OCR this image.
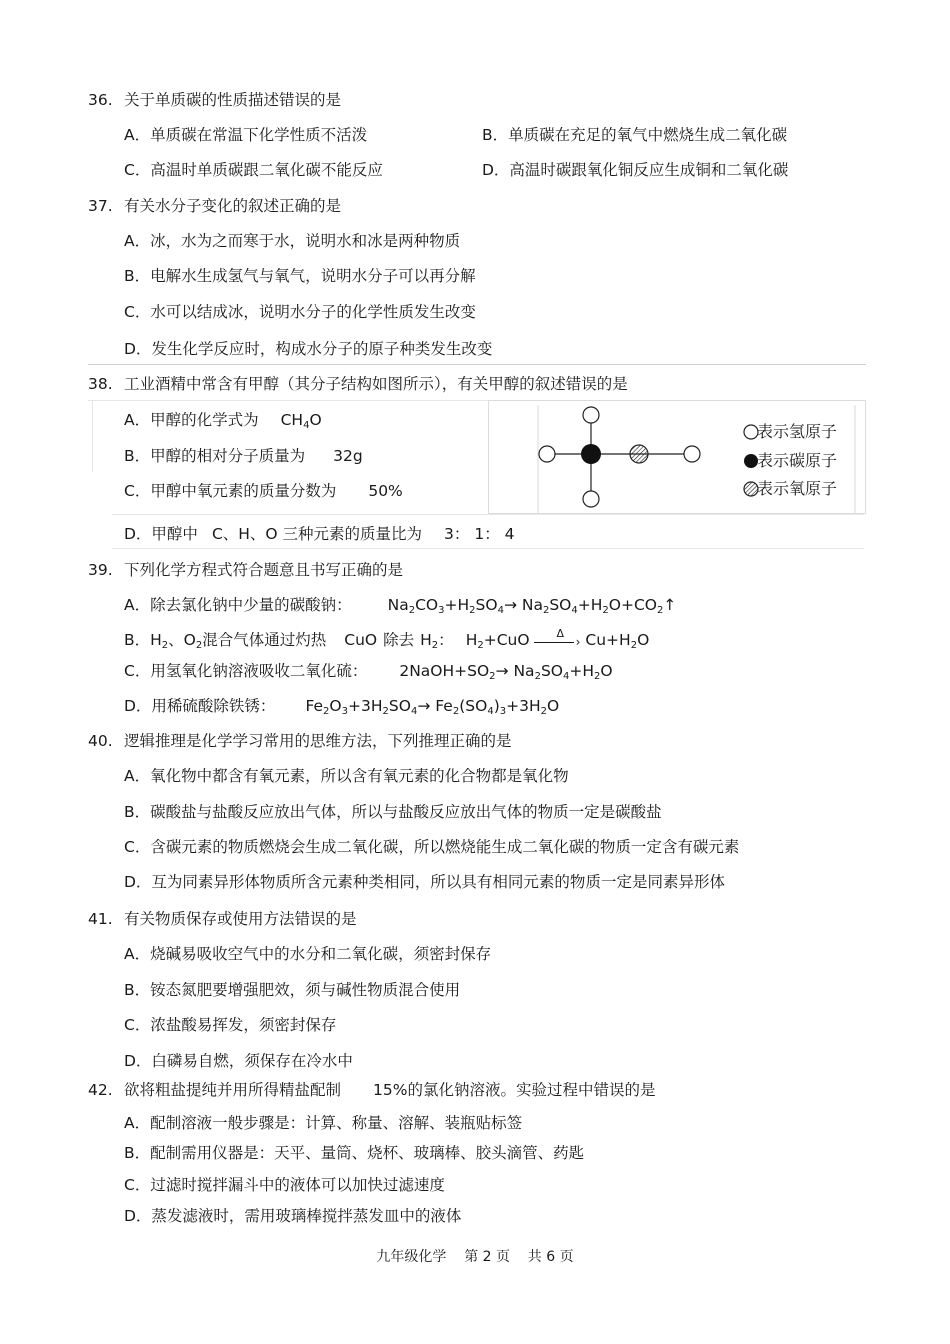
36. 关于单质碳的性质描述错误的是
A．单质碳在常温下化学性质不活泼	B．单质碳在充足的氧气中燃烧生成二氧化碳
C．高温时单质碳跟二氧化碳不能反应	D．高温时碳跟氧化铜反应生成铜和二氧化碳
37. 有关水分子变化的叙述正确的是
A．冰，水为之而寒于水，说明水和冰是两种物质
B．电解水生成氢气与氧气，说明水分子可以再分解
C．水可以结成冰，说明水分子的化学性质发生改变
D．发生化学反应时，构成水分子的原子种类发生改变
38. 工业酒精中常含有甲醇（其分子结构如图所示），有关甲醇的叙述错误的是
A．甲醇的化学式为 $CH_4O$
B．甲醇的相对分子质量为 32g
C．甲醇中氧元素的质量分数为 50%
D．甲醇中 C、H、O 三种元素的质量比为 3： 1： 4
表示氢原子
表示碳原子
表示氧原子
39. 下列化学方程式符合题意且书写正确的是
A．除去氯化钠中少量的碳酸钠： $Na_2CO_3+H_2SO_4\to$ $Na_2SO_4+H_2O+CO_2↑$
B．$H_2$、$O_2$混合气体通过灼热 CuO 除去 $H_2$： $H_2+CuO$ Δ
› $Cu+H_2O$
C．用氢氧化钠溶液吸收二氧化硫： $2NaOH+SO_2\to Na_2SO_4+H_2O$
D．用稀硫酸除铁锈： $Fe_2O_3+3H_2SO_4\to Fe_2(SO_4)_3+3H_2O$
40. 逻辑推理是化学学习常用的思维方法，下列推理正确的是
A．氧化物中都含有氧元素，所以含有氧元素的化合物都是氧化物
B．碳酸盐与盐酸反应放出气体，所以与盐酸反应放出气体的物质一定是碳酸盐
C．含碳元素的物质燃烧会生成二氧化碳，所以燃烧能生成二氧化碳的物质一定含有碳元素
D．互为同素异形体物质所含元素种类相同，所以具有相同元素的物质一定是同素异形体
41. 有关物质保存或使用方法错误的是
A．烧碱易吸收空气中的水分和二氧化碳，须密封保存
B．铵态氮肥要增强肥效，须与碱性物质混合使用
C．浓盐酸易挥发，须密封保存
D．白磷易自燃，须保存在冷水中
42. 欲将粗盐提纯并用所得精盐配制 15%的氯化钠溶液。实验过程中错误的是
A．配制溶液一般步骤是：计算、称量、溶解、装瓶贴标签
B．配制需用仪器是：天平、量筒、烧杯、玻璃棒、胶头滴管、药匙
C．过滤时搅拌漏斗中的液体可以加快过滤速度
D．蒸发滤液时，需用玻璃棒搅拌蒸发皿中的液体
九年级化学    第 2 页    共 6 页
